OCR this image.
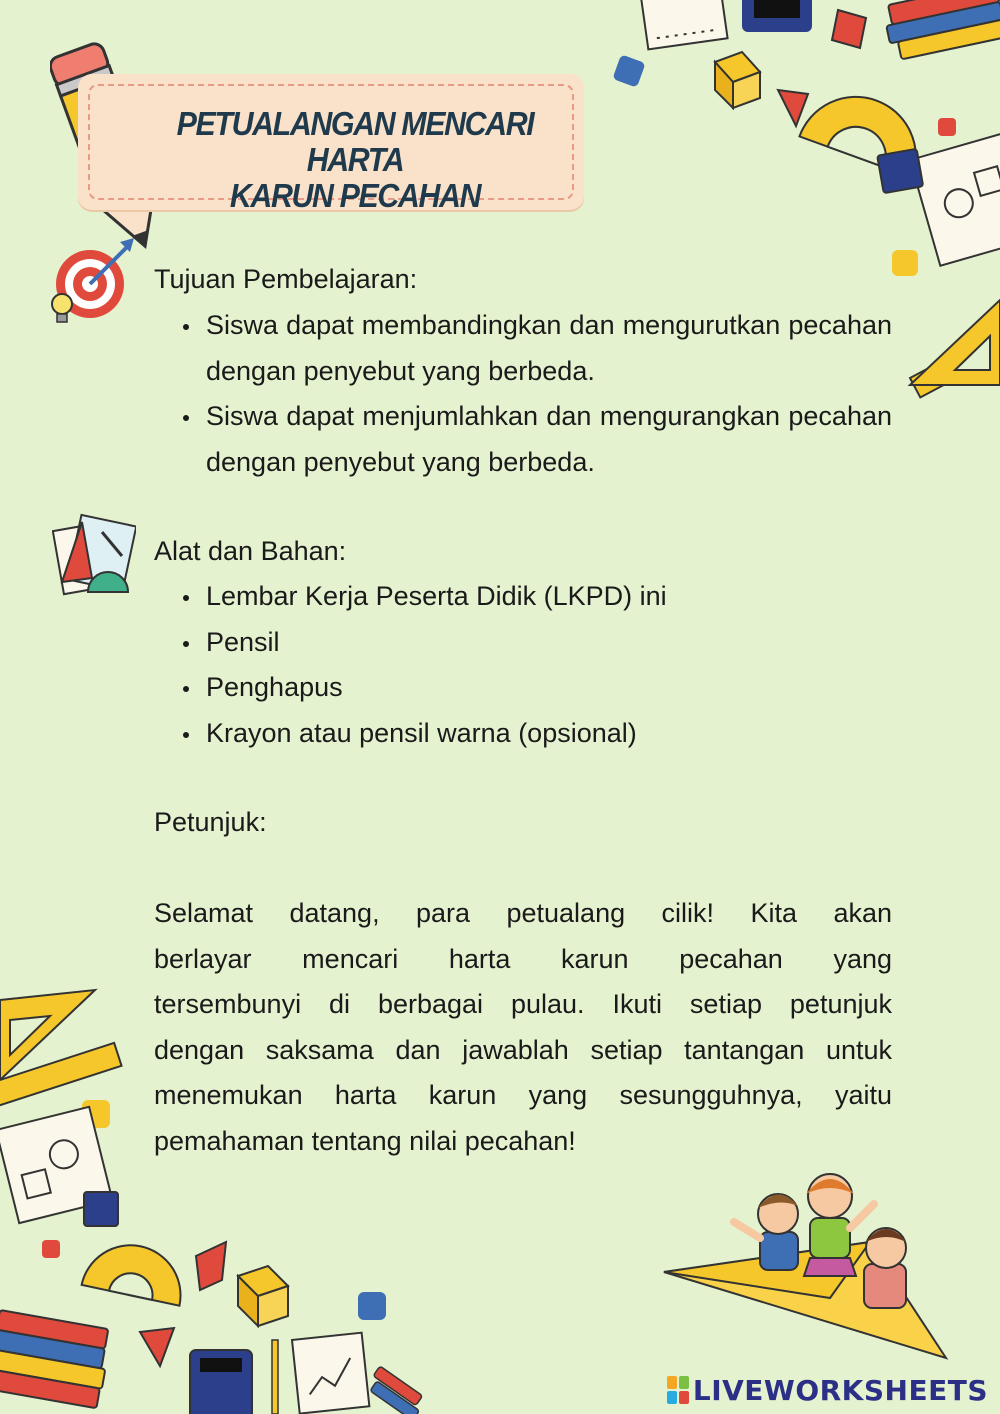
PETUALANGAN MENCARI HARTA
KARUN PECAHAN
Tujuan Pembelajaran:
Siswa dapat membandingkan dan mengurutkan pecahan dengan penyebut yang berbeda.
Siswa dapat menjumlahkan dan mengurangkan pecahan dengan penyebut yang berbeda.
Alat dan Bahan:
Lembar Kerja Peserta Didik (LKPD) ini
Pensil
Penghapus
Krayon atau pensil warna (opsional)
Petunjuk:
Selamat datang, para petualang cilik! Kita akan
berlayar mencari harta karun pecahan yang
tersembunyi di berbagai pulau. Ikuti setiap petunjuk
dengan saksama dan jawablah setiap tantangan untuk
menemukan harta karun yang sesungguhnya, yaitu
pemahaman tentang nilai pecahan!
LIVEWORKSHEETS
